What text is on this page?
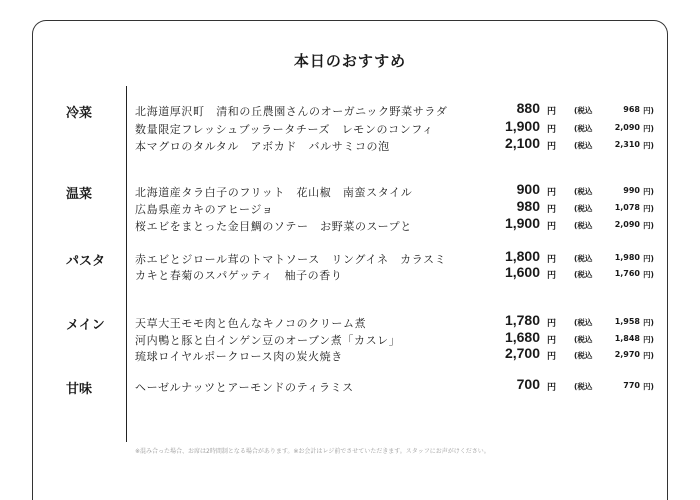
本日のおすすめ
冷菜	北海道厚沢町　清和の丘農園さんのオーガニック野菜サラダ	880 円 (税込	968 円)
数量限定フレッシュブッラータチーズ　レモンのコンフィ	1,900 円 (税込	2,090 円)
本マグロのタルタル　アボカド　バルサミコの泡	2,100 円 (税込	2,310 円)
温菜	北海道産タラ白子のフリット　花山椒　南蛮スタイル	900 円 (税込	990 円)
広島県産カキのアヒージョ	980 円 (税込	1,078 円)
桜エビをまとった金目鯛のソテー　お野菜のスープと	1,900 円 (税込	2,090 円)
パスタ	赤エビとジロール茸のトマトソース　リングイネ　カラスミ	1,800 円 (税込	1,980 円)
カキと春菊のスパゲッティ　柚子の香り	1,600 円 (税込	1,760 円)
メイン	天草大王モモ肉と色んなキノコのクリーム煮	1,780 円 (税込	1,958 円)
河内鴨と豚と白インゲン豆のオーブン煮「カスレ」	1,680 円 (税込	1,848 円)
琉球ロイヤルポークロース肉の炭火焼き	2,700 円 (税込	2,970 円)
甘味	ヘーゼルナッツとアーモンドのティラミス	700 円 (税込	770 円)
※混み合った場合、お席は2時間制となる場合があります。※お会計はレジ前でさせていただきます。スタッフにお声がけください。
